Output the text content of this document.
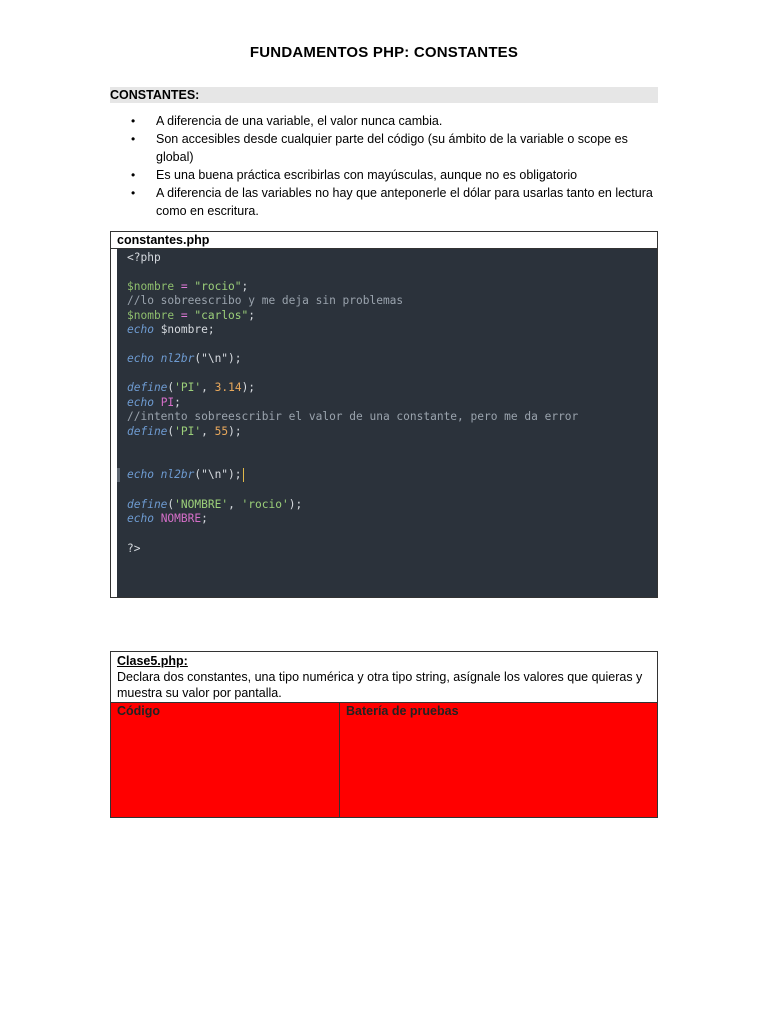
FUNDAMENTOS PHP: CONSTANTES
CONSTANTES:
• A diferencia de una variable, el valor nunca cambia.
• Son accesibles desde cualquier parte del código (su ámbito de la variable o scope es global)
• Es una buena práctica escribirlas con mayúsculas, aunque no es obligatorio
• A diferencia de las variables no hay que anteponerle el dólar para usarlas tanto en lectura como en escritura.
constantes.php
<?php
$nombre = "rocio";
//lo sobreescribo y me deja sin problemas
$nombre = "carlos";
echo $nombre;
echo nl2br("\n");
define('PI', 3.14);
echo PI;
//intento sobreescribir el valor de una constante, pero me da error
define('PI', 55);
echo nl2br("\n");
define('NOMBRE', 'rocio');
echo NOMBRE;
?>
Clase5.php:
Declara dos constantes, una tipo numérica y otra tipo string, asígnale los valores que quieras y muestra su valor por pantalla.
Código	Batería de pruebas
